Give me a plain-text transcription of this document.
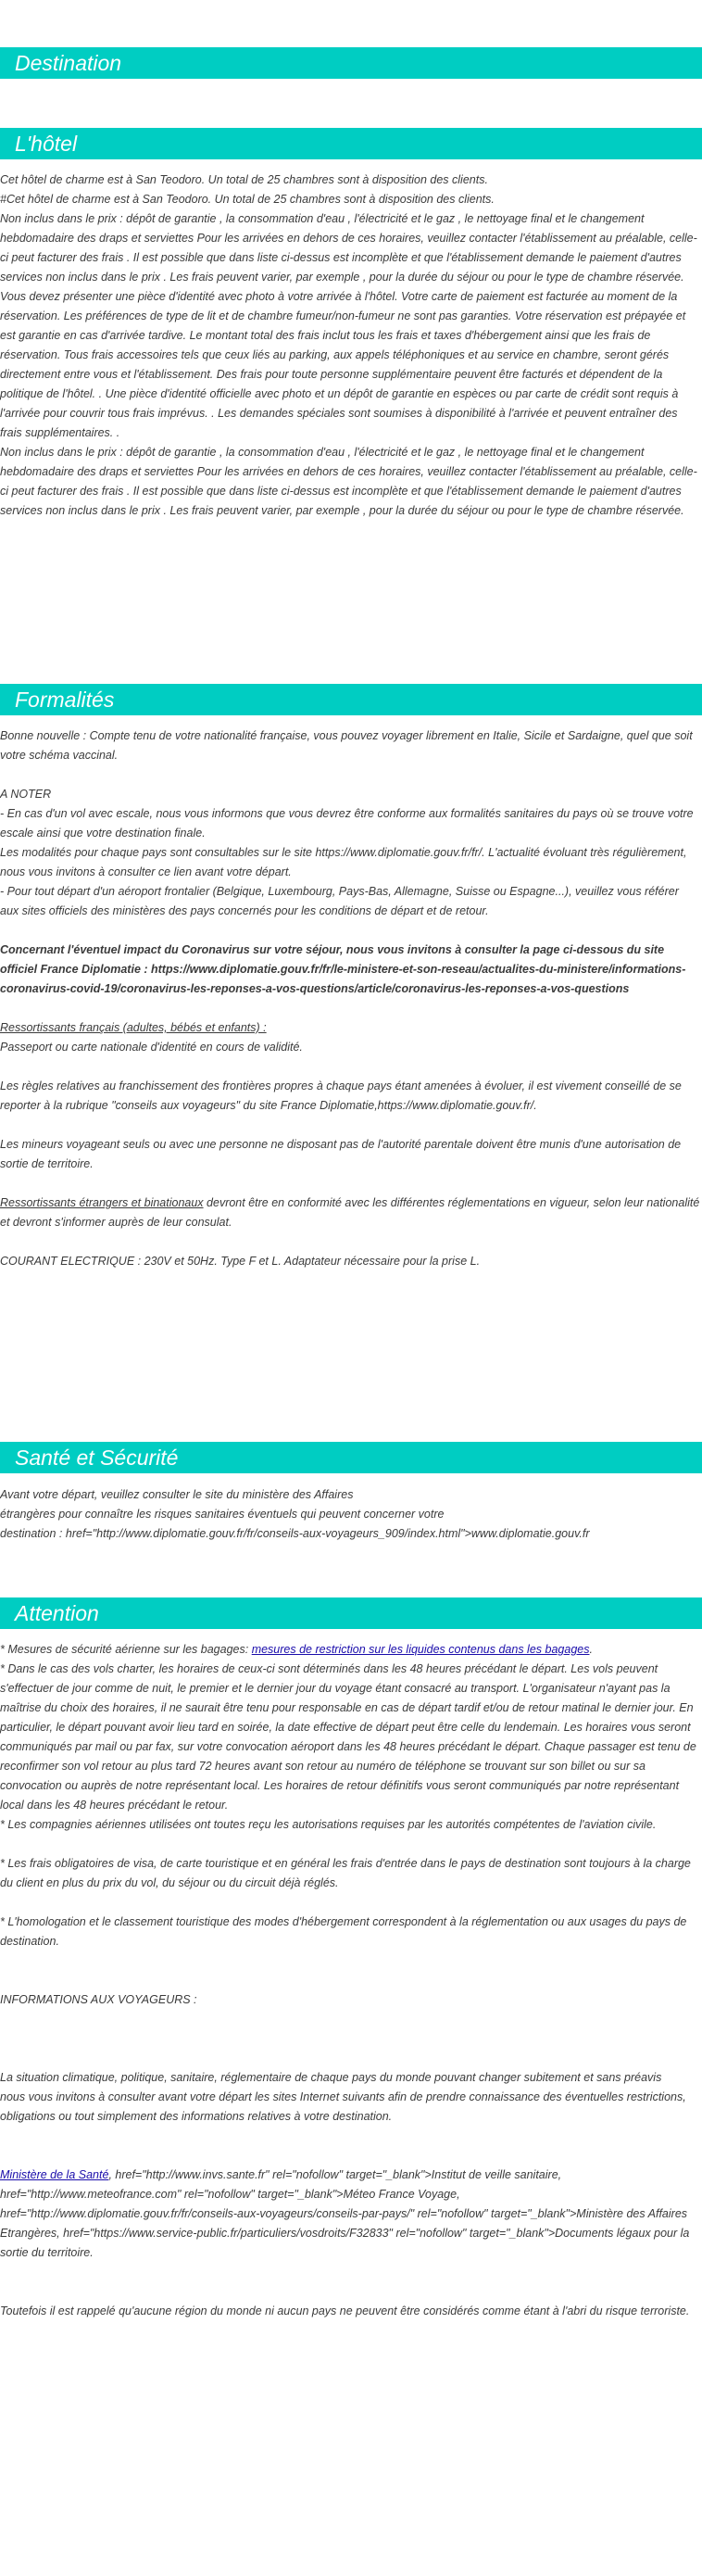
Destination
L'hôtel

Cet hôtel de charme est à San Teodoro. Un total de 25 chambres sont à disposition des clients.

#Cet hôtel de charme est à San Teodoro. Un total de 25 chambres sont à disposition des clients.

Non inclus dans le prix : dépôt de garantie , la consommation d'eau , l'électricité et le gaz , le nettoyage final et le changement hebdomadaire des draps et serviettes Pour les arrivées en dehors de ces horaires, veuillez contacter l'établissement au préalable, celle-ci peut facturer des frais . Il est possible que dans liste ci-dessus est incomplète et que l'établissement demande le paiement d'autres services non inclus dans le prix . Les frais peuvent varier, par exemple , pour la durée du séjour ou pour le type de chambre réservée.

Vous devez présenter une pièce d'identité avec photo à votre arrivée à l'hôtel. Votre carte de paiement est facturée au moment de la réservation. Les préférences de type de lit et de chambre fumeur/non-fumeur ne sont pas garanties. Votre réservation est prépayée et est garantie en cas d'arrivée tardive. Le montant total des frais inclut tous les frais et taxes d'hébergement ainsi que les frais de réservation. Tous frais accessoires tels que ceux liés au parking, aux appels téléphoniques et au service en chambre, seront gérés directement entre vous et l'établissement. Des frais pour toute personne supplémentaire peuvent être facturés et dépendent de la politique de l'hôtel. . Une pièce d'identité officielle avec photo et un dépôt de garantie en espèces ou par carte de crédit sont requis à l'arrivée pour couvrir tous frais imprévus. . Les demandes spéciales sont soumises à disponibilité à l'arrivée et peuvent entraîner des frais supplémentaires. .

Non inclus dans le prix : dépôt de garantie , la consommation d'eau , l'électricité et le gaz , le nettoyage final et le changement hebdomadaire des draps et serviettes Pour les arrivées en dehors de ces horaires, veuillez contacter l'établissement au préalable, celle-ci peut facturer des frais . Il est possible que dans liste ci-dessus est incomplète et que l'établissement demande le paiement d'autres services non inclus dans le prix . Les frais peuvent varier, par exemple , pour la durée du séjour ou pour le type de chambre réservée.

Formalités

Bonne nouvelle : Compte tenu de votre nationalité française, vous pouvez voyager librement en Italie, Sicile et Sardaigne, quel que soit votre schéma vaccinal.

A NOTER

- En cas d'un vol avec escale, nous vous informons que vous devrez être conforme aux formalités sanitaires du pays où se trouve votre escale ainsi que votre destination finale.

Les modalités pour chaque pays sont consultables sur le site https://www.diplomatie.gouv.fr/fr/. L'actualité évoluant très régulièrement, nous vous invitons à consulter ce lien avant votre départ.

- Pour tout départ d'un aéroport frontalier (Belgique, Luxembourg, Pays-Bas, Allemagne, Suisse ou Espagne...), veuillez vous référer aux sites officiels des ministères des pays concernés pour les conditions de départ et de retour.

Concernant l'éventuel impact du Coronavirus sur votre séjour, nous vous invitons à consulter la page ci-dessous du site officiel France Diplomatie : https://www.diplomatie.gouv.fr/fr/le-ministere-et-son-reseau/actualites-du-ministere/informations-coronavirus-covid-19/coronavirus-les-reponses-a-vos-questions/article/coronavirus-les-reponses-a-vos-questions

Ressortissants français (adultes, bébés et enfants) :

Passeport ou carte nationale d'identité en cours de validité.

Les règles relatives au franchissement des frontières propres à chaque pays étant amenées à évoluer, il est vivement conseillé de se reporter à la rubrique "conseils aux voyageurs" du site France Diplomatie,https://www.diplomatie.gouv.fr/.

Les mineurs voyageant seuls ou avec une personne ne disposant pas de l'autorité parentale doivent être munis d'une autorisation de sortie de territoire.

Ressortissants étrangers et binationaux devront être en conformité avec les différentes réglementations en vigueur, selon leur nationalité et devront s'informer auprès de leur consulat.

COURANT ELECTRIQUE : 230V et 50Hz. Type F et L. Adaptateur nécessaire pour la prise L.

Santé et Sécurité

Avant votre départ, veuillez consulter le site du ministère des Affaires

étrangères pour connaître les risques sanitaires éventuels qui peuvent concerner votre

destination : href="http://www.diplomatie.gouv.fr/fr/conseils-aux-voyageurs_909/index.html">www.diplomatie.gouv.fr

Attention

* Mesures de sécurité aérienne sur les bagages: mesures de restriction sur les liquides contenus dans les bagages.

* Dans le cas des vols charter, les horaires de ceux-ci sont déterminés dans les 48 heures précédant le départ. Les vols peuvent s'effectuer de jour comme de nuit, le premier et le dernier jour du voyage étant consacré au transport. L'organisateur n'ayant pas la maîtrise du choix des horaires, il ne saurait être tenu pour responsable en cas de départ tardif et/ou de retour matinal le dernier jour. En particulier, le départ pouvant avoir lieu tard en soirée, la date effective de départ peut être celle du lendemain. Les horaires vous seront communiqués par mail ou par fax, sur votre convocation aéroport dans les 48 heures précédant le départ. Chaque passager est tenu de reconfirmer son vol retour au plus tard 72 heures avant son retour au numéro de téléphone se trouvant sur son billet ou sur sa convocation ou auprès de notre représentant local. Les horaires de retour définitifs vous seront communiqués par notre représentant local dans les 48 heures précédant le retour.

* Les compagnies aériennes utilisées ont toutes reçu les autorisations requises par les autorités compétentes de l'aviation civile.

* Les frais obligatoires de visa, de carte touristique et en général les frais d'entrée dans le pays de destination sont toujours à la charge du client en plus du prix du vol, du séjour ou du circuit déjà réglés.

* L'homologation et le classement touristique des modes d'hébergement correspondent à la réglementation ou aux usages du pays de destination.

INFORMATIONS AUX VOYAGEURS :

La situation climatique, politique, sanitaire, réglementaire de chaque pays du monde pouvant changer subitement et sans préavis

nous vous invitons à consulter avant votre départ les sites Internet suivants afin de prendre connaissance des éventuelles restrictions, obligations ou tout simplement des informations relatives à votre destination.

Ministère de la Santé, href="http://www.invs.sante.fr" rel="nofollow" target="_blank">Institut de veille sanitaire, href="http://www.meteofrance.com" rel="nofollow" target="_blank">Méteo France Voyage, href="http://www.diplomatie.gouv.fr/fr/conseils-aux-voyageurs/conseils-par-pays/" rel="nofollow" target="_blank">Ministère des Affaires Etrangères, href="https://www.service-public.fr/particuliers/vosdroits/F32833" rel="nofollow" target="_blank">Documents légaux pour la sortie du territoire.

Toutefois il est rappelé qu'aucune région du monde ni aucun pays ne peuvent être considérés comme étant à l'abri du risque terroriste.
